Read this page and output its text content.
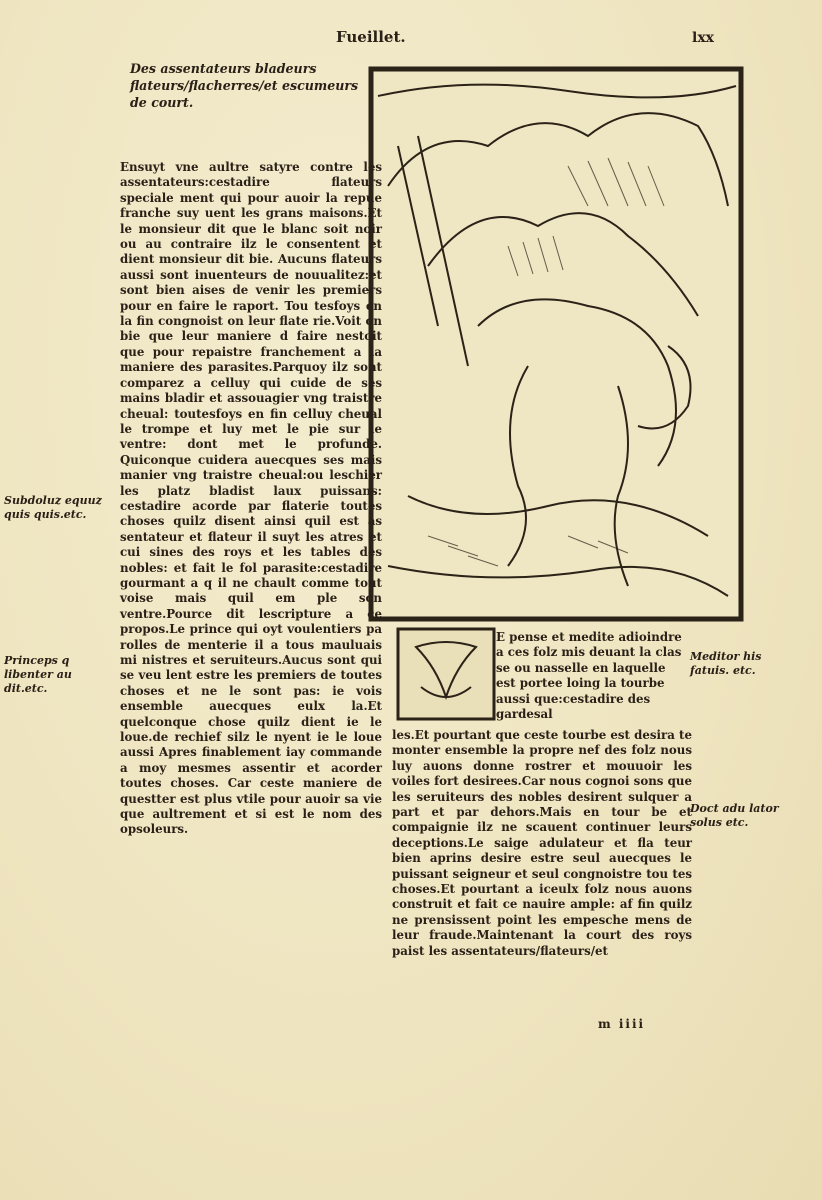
Fueillet.	lxx
Des assentateurs bladeurs flateurs/flacherres/et escumeurs de court.

Ensuyt vne aultre satyre contre les assentateurs:cestadire flateurs speciale ment qui pour auoir la repue franche suy uent les grans maisons.Et le monsieur dit que le blanc soit noir ou au contraire ilz le consentent et dient monsieur dit bie. Aucuns flateurs aussi sont inuenteurs de nouualitez:et sont bien aises de venir les premiers pour en faire le raport. Tou tesfoys en la fin congnoist on leur flate rie.Voit on bie que leur maniere d faire nestoit que pour repaistre franchement a la maniere des parasites.Parquoy ilz sont comparez a celluy qui cuide de ses mains bladir et assouagier vng traistre cheual: toutesfoys en fin celluy cheual le trompe et luy met le pie sur le ventre: dont met le profunde. Quiconque cuidera auecques ses mais manier vng traistre cheual:ou leschier les platz bladist laux puissans: cestadire acorde par flaterie toutes choses quilz disent ainsi quil est as sentateur et flateur il suyt les atres et cui sines des roys et les tables des nobles: et fait le fol parasite:cestadire gourmant a q il ne chault comme tout voise mais quil em ple son ventre.Pource dit lescripture a ce propos.Le prince qui oyt voulentiers pa rolles de menterie il a tous mauluais mi nistres et seruiteurs.Aucus sont qui se veu lent estre les premiers de toutes choses et ne le sont pas: ie vois ensemble auecques eulx la.Et quelconque chose quilz dient ie le loue.de rechief silz le nyent ie le loue aussi Apres finablement iay commande a moy mesmes assentir et acorder toutes choses. Car ceste maniere de questter est plus vtile pour auoir sa vie que aultrement et si est le nom des opsoleurs.

Subdoluz equuz quis quis.etc.
Princeps q libenter au dit.etc.
Meditor his fatuis. etc.
Doct adu lator solus etc.
E pense et medite adioindre a ces folz mis deuant la clas se ou nasselle en laquelle est portee loing la tourbe aussi que:cestadire des gardesal

les.Et pourtant que ceste tourbe est desira te monter ensemble la propre nef des folz nous luy auons donne rostrer et mouuoir les voiles fort desirees.Car nous cognoi sons que les seruiteurs des nobles desirent sulquer a part et par dehors.Mais en tour be et compaignie ilz ne scauent continuer leurs deceptions.Le saige adulateur et fla teur bien aprins desire estre seul auecques le puissant seigneur et seul congnoistre tou tes choses.Et pourtant a iceulx folz nous auons construit et fait ce nauire ample: af fin quilz ne prensissent point les empesche mens de leur fraude.Maintenant la court des roys paist les assentateurs/flateurs/et

m iiii
